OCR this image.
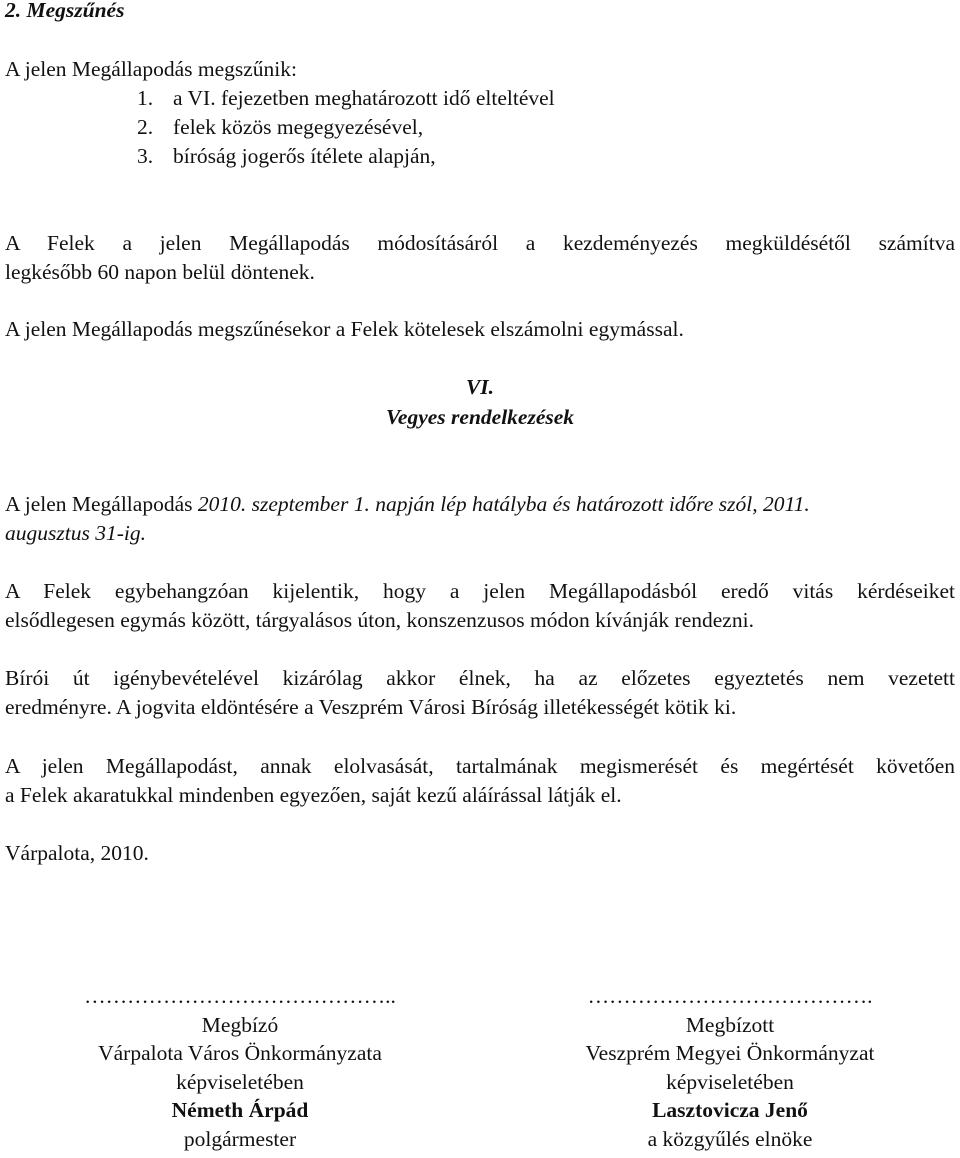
2. Megszűnés
A jelen Megállapodás megszűnik:
1. a VI. fejezetben meghatározott idő elteltével
2. felek közös megegyezésével,
3. bíróság jogerős ítélete alapján,
A Felek a jelen Megállapodás módosításáról a kezdeményezés megküldésétől számítva
legkésőbb 60 napon belül döntenek.
A jelen Megállapodás megszűnésekor a Felek kötelesek elszámolni egymással.
VI.
Vegyes rendelkezések
A jelen Megállapodás 2010. szeptember 1. napján lép hatályba és határozott időre szól, 2011.
augusztus 31-ig.
A Felek egybehangzóan kijelentik, hogy a jelen Megállapodásból eredő vitás kérdéseiket
elsődlegesen egymás között, tárgyalásos úton, konszenzusos módon kívánják rendezni.
Bírói út igénybevételével kizárólag akkor élnek, ha az előzetes egyeztetés nem vezetett
eredményre. A jogvita eldöntésére a Veszprém Városi Bíróság illetékességét kötik ki.
A jelen Megállapodást, annak elolvasását, tartalmának megismerését és megértését követően
a Felek akaratukkal mindenben egyezően, saját kezű aláírással látják el.
Várpalota, 2010.
……………………………………..
Megbízó
Várpalota Város Önkormányzata
képviseletében
Németh Árpád
polgármester
………………………………….
Megbízott
Veszprém Megyei Önkormányzat
képviseletében
Lasztovicza Jenő
a közgyűlés elnöke
